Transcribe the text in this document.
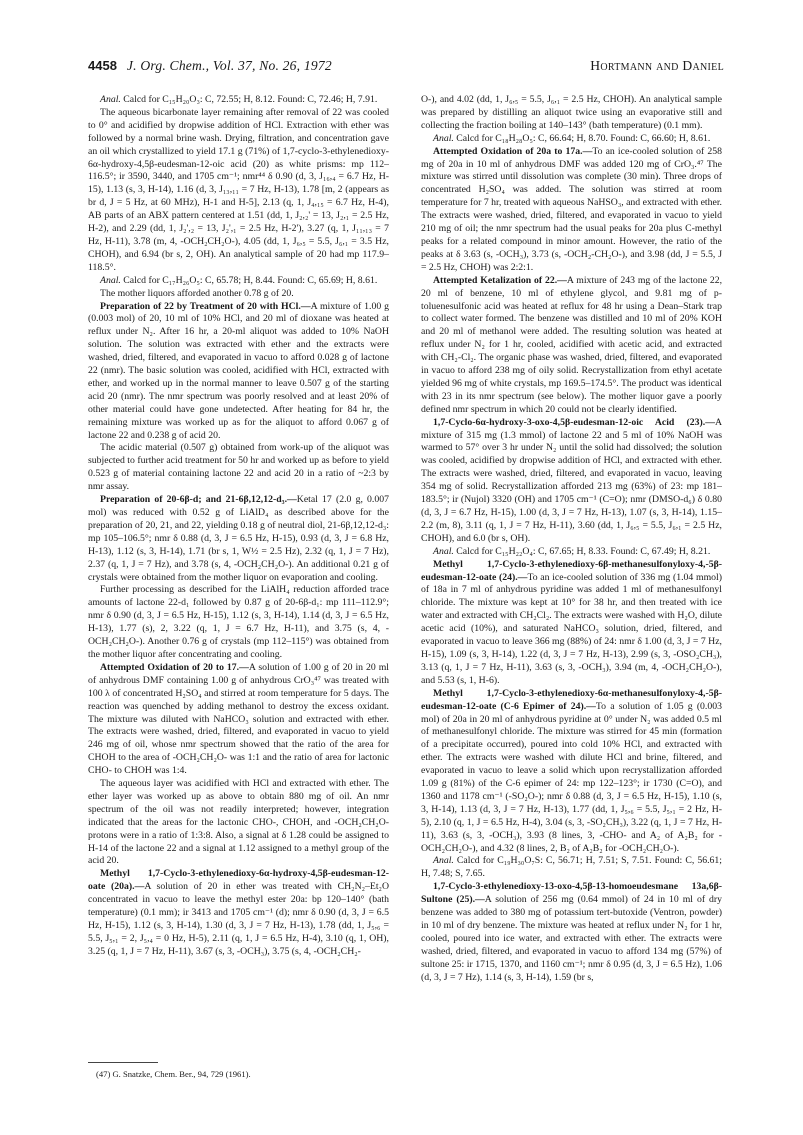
4458 J. Org. Chem., Vol. 37, No. 26, 1972	Hortmann and Daniel

Anal. Calcd for C₁₅H₂₀O₃: C, 72.55; H, 8.12. Found: C, 72.46; H, 7.91.

The aqueous bicarbonate layer remaining after removal of 22 was cooled to 0° and acidified by dropwise addition of HCl. Extraction with ether was followed by a normal brine wash. Drying, filtration, and concentration gave an oil which crystallized to yield 17.1 g (71%) of 1,7-cyclo-3-ethylenedioxy-6α-hydroxy-4,5β-eudesman-12-oic acid (20) as white prisms: mp 112–116.5°; ir 3590, 3440, and 1705 cm⁻¹; nmr⁴⁴ δ 0.90 (d, 3, J₁₆,₄ = 6.7 Hz, H-15), 1.13 (s, 3, H-14), 1.16 (d, 3, J₁₃,₁₁ = 7 Hz, H-13), 1.78 [m, 2 (appears as br d, J = 5 Hz, at 60 MHz), H-1 and H-5], 2.13 (q, 1, J₄,₁₅ = 6.7 Hz, H-4), AB parts of an ABX pattern centered at 1.51 (dd, 1, J₂,₂' = 13, J₂,₁ = 2.5 Hz, H-2), and 2.29 (dd, 1, J₂',₂ = 13, J₂',₁ = 2.5 Hz, H-2'), 3.27 (q, 1, J₁₁,₁₃ = 7 Hz, H-11), 3.78 (m, 4, -OCH₂CH₂O-), 4.05 (dd, 1, J₆,₅ = 5.5, J₆,₁ = 3.5 Hz, CHOH), and 6.94 (br s, 2, OH). An analytical sample of 20 had mp 117.9–118.5°.

Anal. Calcd for C₁₇H₂₆O₅: C, 65.78; H, 8.44. Found: C, 65.69; H, 8.61.

The mother liquors afforded another 0.78 g of 20.

Preparation of 22 by Treatment of 20 with HCl.—A mixture of 1.00 g (0.003 mol) of 20, 10 ml of 10% HCl, and 20 ml of dioxane was heated at reflux under N₂. After 16 hr, a 20-ml aliquot was added to 10% NaOH solution. The solution was extracted with ether and the extracts were washed, dried, filtered, and evaporated in vacuo to afford 0.028 g of lactone 22 (nmr). The basic solution was cooled, acidified with HCl, extracted with ether, and worked up in the normal manner to leave 0.507 g of the starting acid 20 (nmr). The nmr spectrum was poorly resolved and at least 20% of other material could have gone undetected. After heating for 84 hr, the remaining mixture was worked up as for the aliquot to afford 0.067 g of lactone 22 and 0.238 g of acid 20.

The acidic material (0.507 g) obtained from work-up of the aliquot was subjected to further acid treatment for 50 hr and worked up as before to yield 0.523 g of material containing lactone 22 and acid 20 in a ratio of ~2:3 by nmr assay.

Preparation of 20-6β-d; and 21-6β,12,12-d₃.—Ketal 17 (2.0 g, 0.007 mol) was reduced with 0.52 g of LiAlD₄ as described above for the preparation of 20, 21, and 22, yielding 0.18 g of neutral diol, 21-6β,12,12-d₃: mp 105–106.5°; nmr δ 0.88 (d, 3, J = 6.5 Hz, H-15), 0.93 (d, 3, J = 6.8 Hz, H-13), 1.12 (s, 3, H-14), 1.71 (br s, 1, W½ = 2.5 Hz), 2.32 (q, 1, J = 7 Hz), 2.37 (q, 1, J = 7 Hz), and 3.78 (s, 4, -OCH₂CH₂O-). An additional 0.21 g of crystals were obtained from the mother liquor on evaporation and cooling.

Further processing as described for the LiAlH₄ reduction afforded trace amounts of lactone 22-d₁ followed by 0.87 g of 20-6β-d₁: mp 111–112.9°; nmr δ 0.90 (d, 3, J = 6.5 Hz, H-15), 1.12 (s, 3, H-14), 1.14 (d, 3, J = 6.5 Hz, H-13), 1.77 (s), 2, 3.22 (q, 1, J = 6.7 Hz, H-11), and 3.75 (s, 4, -OCH₂CH₂O-). Another 0.76 g of crystals (mp 112–115°) was obtained from the mother liquor after concentrating and cooling.

Attempted Oxidation of 20 to 17.—A solution of 1.00 g of 20 in 20 ml of anhydrous DMF containing 1.00 g of anhydrous CrO₃⁴⁷ was treated with 100 λ of concentrated H₂SO₄ and stirred at room temperature for 5 days. The reaction was quenched by adding methanol to destroy the excess oxidant. The mixture was diluted with NaHCO₃ solution and extracted with ether. The extracts were washed, dried, filtered, and evaporated in vacuo to yield 246 mg of oil, whose nmr spectrum showed that the ratio of the area for CHOH to the area of -OCH₂CH₂O- was 1:1 and the ratio of area for lactonic CHO- to CHOH was 1:4.

The aqueous layer was acidified with HCl and extracted with ether. The ether layer was worked up as above to obtain 880 mg of oil. An nmr spectrum of the oil was not readily interpreted; however, integration indicated that the areas for the lactonic CHO-, CHOH, and -OCH₂CH₂O- protons were in a ratio of 1:3:8. Also, a signal at δ 1.28 could be assigned to H-14 of the lactone 22 and a signal at 1.12 assigned to a methyl group of the acid 20.

Methyl 1,7-Cyclo-3-ethylenedioxy-6α-hydroxy-4,5β-eudesman-12-oate (20a).—A solution of 20 in ether was treated with CH₂N₂–Et₂O concentrated in vacuo to leave the methyl ester 20a: bp 120–140° (bath temperature) (0.1 mm); ir 3413 and 1705 cm⁻¹ (d); nmr δ 0.90 (d, 3, J = 6.5 Hz, H-15), 1.12 (s, 3, H-14), 1.30 (d, 3, J = 7 Hz, H-13), 1.78 (dd, 1, J₅,₆ = 5.5, J₅,₁ = 2, J₅,₄ = 0 Hz, H-5), 2.11 (q, 1, J = 6.5 Hz, H-4), 3.10 (q, 1, OH), 3.25 (q, 1, J = 7 Hz, H-11), 3.67 (s, 3, -OCH₃), 3.75 (s, 4, -OCH₂CH₂-

O-), and 4.02 (dd, 1, J₆,₅ = 5.5, J₆,₁ = 2.5 Hz, CHOH). An analytical sample was prepared by distilling an aliquot twice using an evaporative still and collecting the fraction boiling at 140–143° (bath temperature) (0.1 mm).

Anal. Calcd for C₁₈H₂₈O₅: C, 66.64; H, 8.70. Found: C, 66.60; H, 8.61.

Attempted Oxidation of 20a to 17a.—To an ice-cooled solution of 258 mg of 20a in 10 ml of anhydrous DMF was added 120 mg of CrO₃.⁴⁷ The mixture was stirred until dissolution was complete (30 min). Three drops of concentrated H₂SO₄ was added. The solution was stirred at room temperature for 7 hr, treated with aqueous NaHSO₃, and extracted with ether. The extracts were washed, dried, filtered, and evaporated in vacuo to yield 210 mg of oil; the nmr spectrum had the usual peaks for 20a plus C-methyl peaks for a related compound in minor amount. However, the ratio of the peaks at δ 3.63 (s, -OCH₃), 3.73 (s, -OCH₂-CH₂O-), and 3.98 (dd, J = 5.5, J = 2.5 Hz, CHOH) was 2:2:1.

Attempted Ketalization of 22.—A mixture of 243 mg of the lactone 22, 20 ml of benzene, 10 ml of ethylene glycol, and 9.81 mg of p-toluenesulfonic acid was heated at reflux for 48 hr using a Dean–Stark trap to collect water formed. The benzene was distilled and 10 ml of 20% KOH and 20 ml of methanol were added. The resulting solution was heated at reflux under N₂ for 1 hr, cooled, acidified with acetic acid, and extracted with CH₂-Cl₂. The organic phase was washed, dried, filtered, and evaporated in vacuo to afford 238 mg of oily solid. Recrystallization from ethyl acetate yielded 96 mg of white crystals, mp 169.5–174.5°. The product was identical with 23 in its nmr spectrum (see below). The mother liquor gave a poorly defined nmr spectrum in which 20 could not be clearly identified.

1,7-Cyclo-6α-hydroxy-3-oxo-4,5β-eudesman-12-oic Acid (23).—A mixture of 315 mg (1.3 mmol) of lactone 22 and 5 ml of 10% NaOH was warmed to 57° over 3 hr under N₂ until the solid had dissolved; the solution was cooled, acidified by dropwise addition of HCl, and extracted with ether. The extracts were washed, dried, filtered, and evaporated in vacuo, leaving 354 mg of solid. Recrystallization afforded 213 mg (63%) of 23: mp 181–183.5°; ir (Nujol) 3320 (OH) and 1705 cm⁻¹ (C=O); nmr (DMSO-d₆) δ 0.80 (d, 3, J = 6.7 Hz, H-15), 1.00 (d, 3, J = 7 Hz, H-13), 1.07 (s, 3, H-14), 1.15–2.2 (m, 8), 3.11 (q, 1, J = 7 Hz, H-11), 3.60 (dd, 1, J₆,₅ = 5.5, J₆,₁ = 2.5 Hz, CHOH), and 6.0 (br s, OH).

Anal. Calcd for C₁₅H₂₂O₄: C, 67.65; H, 8.33. Found: C, 67.49; H, 8.21.

Methyl 1,7-Cyclo-3-ethylenedioxy-6β-methanesulfonyloxy-4,-5β-eudesman-12-oate (24).—To an ice-cooled solution of 336 mg (1.04 mmol) of 18a in 7 ml of anhydrous pyridine was added 1 ml of methanesulfonyl chloride. The mixture was kept at 10° for 38 hr, and then treated with ice water and extracted with CH₂Cl₂. The extracts were washed with H₂O, dilute acetic acid (10%), and saturated NaHCO₃ solution, dried, filtered, and evaporated in vacuo to leave 366 mg (88%) of 24: nmr δ 1.00 (d, 3, J = 7 Hz, H-15), 1.09 (s, 3, H-14), 1.22 (d, 3, J = 7 Hz, H-13), 2.99 (s, 3, -OSO₂CH₃), 3.13 (q, 1, J = 7 Hz, H-11), 3.63 (s, 3, -OCH₃), 3.94 (m, 4, -OCH₂CH₂O-), and 5.53 (s, 1, H-6).

Methyl 1,7-Cyclo-3-ethylenedioxy-6α-methanesulfonyloxy-4,-5β-eudesman-12-oate (C-6 Epimer of 24).—To a solution of 1.05 g (0.003 mol) of 20a in 20 ml of anhydrous pyridine at 0° under N₂ was added 0.5 ml of methanesulfonyl chloride. The mixture was stirred for 45 min (formation of a precipitate occurred), poured into cold 10% HCl, and extracted with ether. The extracts were washed with dilute HCl and brine, filtered, and evaporated in vacuo to leave a solid which upon recrystallization afforded 1.09 g (81%) of the C-6 epimer of 24: mp 122–123°; ir 1730 (C=O), and 1360 and 1178 cm⁻¹ (-SO₂O-); nmr δ 0.88 (d, 3, J = 6.5 Hz, H-15), 1.10 (s, 3, H-14), 1.13 (d, 3, J = 7 Hz, H-13), 1.77 (dd, 1, J₅,₆ = 5.5, J₅,₁ = 2 Hz, H-5), 2.10 (q, 1, J = 6.5 Hz, H-4), 3.04 (s, 3, -SO₂CH₃), 3.22 (q, 1, J = 7 Hz, H-11), 3.63 (s, 3, -OCH₃), 3.93 (8 lines, 3, -CHO- and A₂ of A₂B₂ for -OCH₂CH₂O-), and 4.32 (8 lines, 2, B₂ of A₂B₂ for -OCH₂CH₂O-).

Anal. Calcd for C₁₉H₃₀O₇S: C, 56.71; H, 7.51; S, 7.51. Found: C, 56.61; H, 7.48; S, 7.65.

1,7-Cyclo-3-ethylenedioxy-13-oxo-4,5β-13-homoeudesmane 13a,6β-Sultone (25).—A solution of 256 mg (0.64 mmol) of 24 in 10 ml of dry benzene was added to 380 mg of potassium tert-butoxide (Ventron, powder) in 10 ml of dry benzene. The mixture was heated at reflux under N₂ for 1 hr, cooled, poured into ice water, and extracted with ether. The extracts were washed, dried, filtered, and evaporated in vacuo to afford 134 mg (57%) of sultone 25: ir 1715, 1370, and 1160 cm⁻¹; nmr δ 0.95 (d, 3, J = 6.5 Hz), 1.06 (d, 3, J = 7 Hz), 1.14 (s, 3, H-14), 1.59 (br s,

(47) G. Snatzke, Chem. Ber., 94, 729 (1961).
